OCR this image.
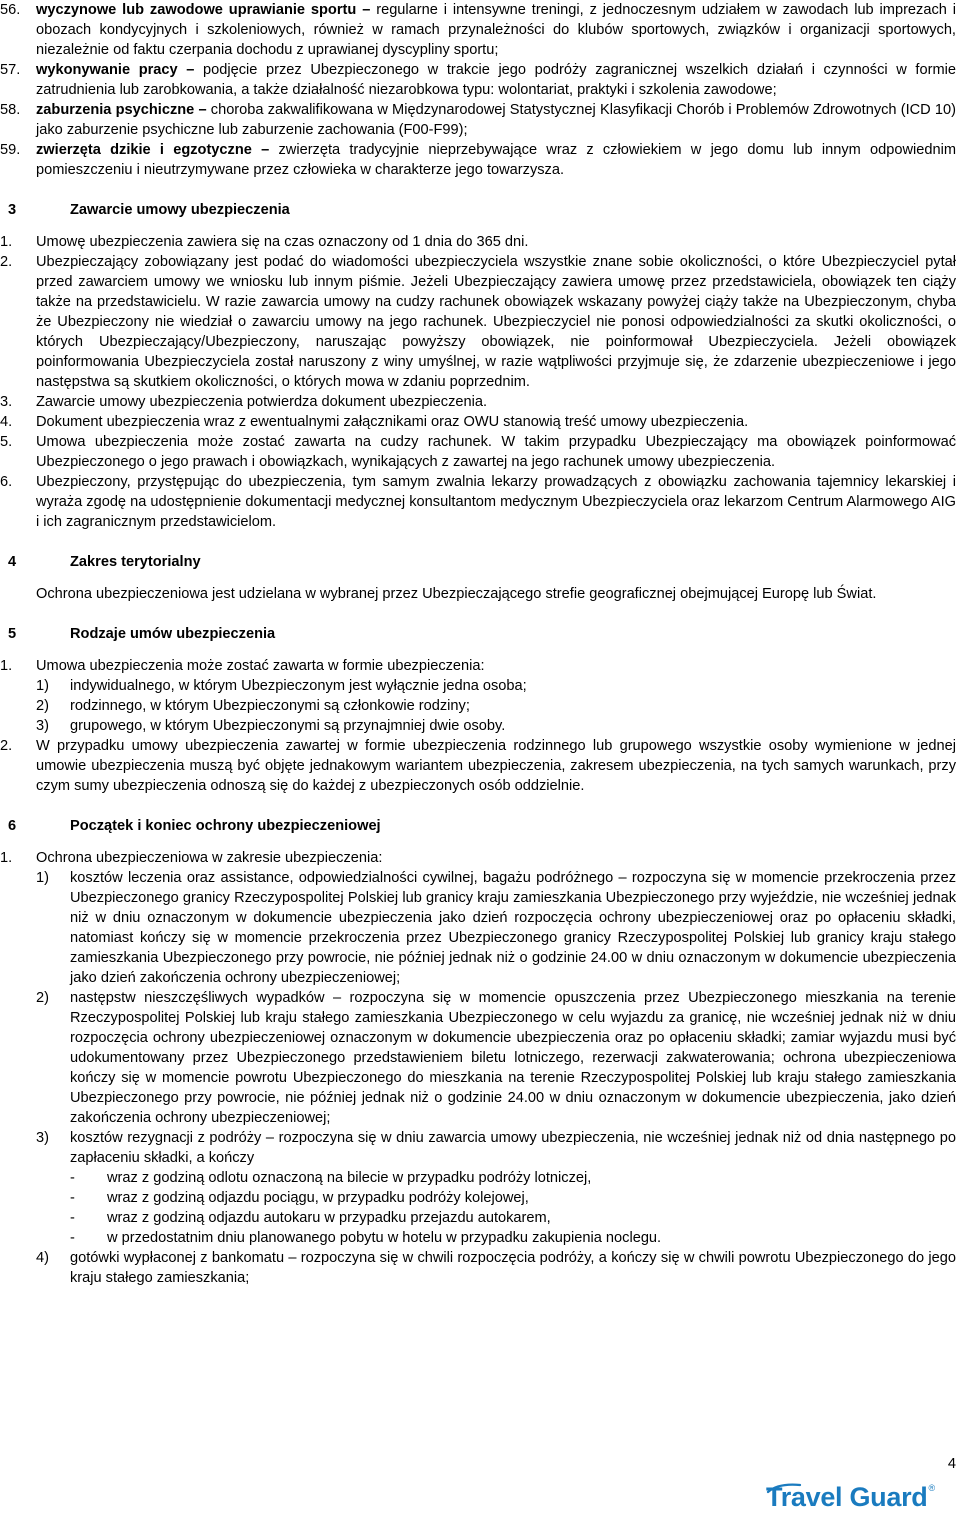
56. wyczynowe lub zawodowe uprawianie sportu – regularne i intensywne treningi, z jednoczesnym udziałem w zawodach lub imprezach i obozach kondycyjnych i szkoleniowych, również w ramach przynależności do klubów sportowych, związków i organizacji sportowych, niezależnie od faktu czerpania dochodu z uprawianej dyscypliny sportu;

57. wykonywanie pracy – podjęcie przez Ubezpieczonego w trakcie jego podróży zagranicznej wszelkich działań i czynności w formie zatrudnienia lub zarobkowania, a także działalność niezarobkowa typu: wolontariat, praktyki i szkolenia zawodowe;

58. zaburzenia psychiczne – choroba zakwalifikowana w Międzynarodowej Statystycznej Klasyfikacji Chorób i Problemów Zdrowotnych (ICD 10) jako zaburzenie psychiczne lub zaburzenie zachowania (F00-F99);

59. zwierzęta dzikie i egzotyczne – zwierzęta tradycyjnie nieprzebywające wraz z człowiekiem w jego domu lub innym odpowiednim pomieszczeniu i nieutrzymywane przez człowieka w charakterze jego towarzysza.

3	Zawarcie umowy ubezpieczenia

1. Umowę ubezpieczenia zawiera się na czas oznaczony od 1 dnia do 365 dni.

2. Ubezpieczający zobowiązany jest podać do wiadomości ubezpieczyciela wszystkie znane sobie okoliczności, o które Ubezpieczyciel pytał przed zawarciem umowy we wniosku lub innym piśmie. Jeżeli Ubezpieczający zawiera umowę przez przedstawiciela, obowiązek ten ciąży także na przedstawicielu. W razie zawarcia umowy na cudzy rachunek obowiązek wskazany powyżej ciąży także na Ubezpieczonym, chyba że Ubezpieczony nie wiedział o zawarciu umowy na jego rachunek. Ubezpieczyciel nie ponosi odpowiedzialności za skutki okoliczności, o których Ubezpieczający/Ubezpieczony, naruszając powyższy obowiązek, nie poinformował Ubezpieczyciela. Jeżeli obowiązek poinformowania Ubezpieczyciela został naruszony z winy umyślnej, w razie wątpliwości przyjmuje się, że zdarzenie ubezpieczeniowe i jego następstwa są skutkiem okoliczności, o których mowa w zdaniu poprzednim.

3. Zawarcie umowy ubezpieczenia potwierdza dokument ubezpieczenia.

4. Dokument ubezpieczenia wraz z ewentualnymi załącznikami oraz OWU stanowią treść umowy ubezpieczenia.

5. Umowa ubezpieczenia może zostać zawarta na cudzy rachunek. W takim przypadku Ubezpieczający ma obowiązek poinformować Ubezpieczonego o jego prawach i obowiązkach, wynikających z zawartej na jego rachunek umowy ubezpieczenia.

6. Ubezpieczony, przystępując do ubezpieczenia, tym samym zwalnia lekarzy prowadzących z obowiązku zachowania tajemnicy lekarskiej i wyraża zgodę na udostępnienie dokumentacji medycznej konsultantom medycznym Ubezpieczyciela oraz lekarzom Centrum Alarmowego AIG i ich zagranicznym przedstawicielom.

4	Zakres terytorialny

Ochrona ubezpieczeniowa jest udzielana w wybranej przez Ubezpieczającego strefie geograficznej obejmującej Europę lub Świat.

5	Rodzaje umów ubezpieczenia

1. Umowa ubezpieczenia może zostać zawarta w formie ubezpieczenia:

1) indywidualnego, w którym Ubezpieczonym jest wyłącznie jedna osoba;

2) rodzinnego, w którym Ubezpieczonymi są członkowie rodziny;

3) grupowego, w którym Ubezpieczonymi są przynajmniej dwie osoby.

2. W przypadku umowy ubezpieczenia zawartej w formie ubezpieczenia rodzinnego lub grupowego wszystkie osoby wymienione w jednej umowie ubezpieczenia muszą być objęte jednakowym wariantem ubezpieczenia, zakresem ubezpieczenia, na tych samych warunkach, przy czym sumy ubezpieczenia odnoszą się do każdej z ubezpieczonych osób oddzielnie.

6	Początek i koniec ochrony ubezpieczeniowej

1. Ochrona ubezpieczeniowa w zakresie ubezpieczenia:

1) kosztów leczenia oraz assistance, odpowiedzialności cywilnej, bagażu podróżnego – rozpoczyna się w momencie przekroczenia przez Ubezpieczonego granicy Rzeczypospolitej Polskiej lub granicy kraju zamieszkania Ubezpieczonego przy wyjeździe, nie wcześniej jednak niż w dniu oznaczonym w dokumencie ubezpieczenia jako dzień rozpoczęcia ochrony ubezpieczeniowej oraz po opłaceniu składki, natomiast kończy się w momencie przekroczenia przez Ubezpieczonego granicy Rzeczypospolitej Polskiej lub granicy kraju stałego zamieszkania Ubezpieczonego przy powrocie, nie później jednak niż o godzinie 24.00 w dniu oznaczonym w dokumencie ubezpieczenia jako dzień zakończenia ochrony ubezpieczeniowej;

2) następstw nieszczęśliwych wypadków – rozpoczyna się w momencie opuszczenia przez Ubezpieczonego mieszkania na terenie Rzeczypospolitej Polskiej lub kraju stałego zamieszkania Ubezpieczonego w celu wyjazdu za granicę, nie wcześniej jednak niż w dniu rozpoczęcia ochrony ubezpieczeniowej oznaczonym w dokumencie ubezpieczenia oraz po opłaceniu składki; zamiar wyjazdu musi być udokumentowany przez Ubezpieczonego przedstawieniem biletu lotniczego, rezerwacji zakwaterowania; ochrona ubezpieczeniowa kończy się w momencie powrotu Ubezpieczonego do mieszkania na terenie Rzeczypospolitej Polskiej lub kraju stałego zamieszkania Ubezpieczonego przy powrocie, nie później jednak niż o godzinie 24.00 w dniu oznaczonym w dokumencie ubezpieczenia, jako dzień zakończenia ochrony ubezpieczeniowej;

3) kosztów rezygnacji z podróży – rozpoczyna się w dniu zawarcia umowy ubezpieczenia, nie wcześniej jednak niż od dnia następnego po zapłaceniu składki, a kończy

- wraz z godziną odlotu oznaczoną na bilecie w przypadku podróży lotniczej,

- wraz z godziną odjazdu pociągu, w przypadku podróży kolejowej,

- wraz z godziną odjazdu autokaru w przypadku przejazdu autokarem,

- w przedostatnim dniu planowanego pobytu w hotelu w przypadku zakupienia noclegu.

4) gotówki wypłaconej z bankomatu – rozpoczyna się w chwili rozpoczęcia podróży, a kończy się w chwili powrotu Ubezpieczonego do jego kraju stałego zamieszkania;

4
Travel Guard®
